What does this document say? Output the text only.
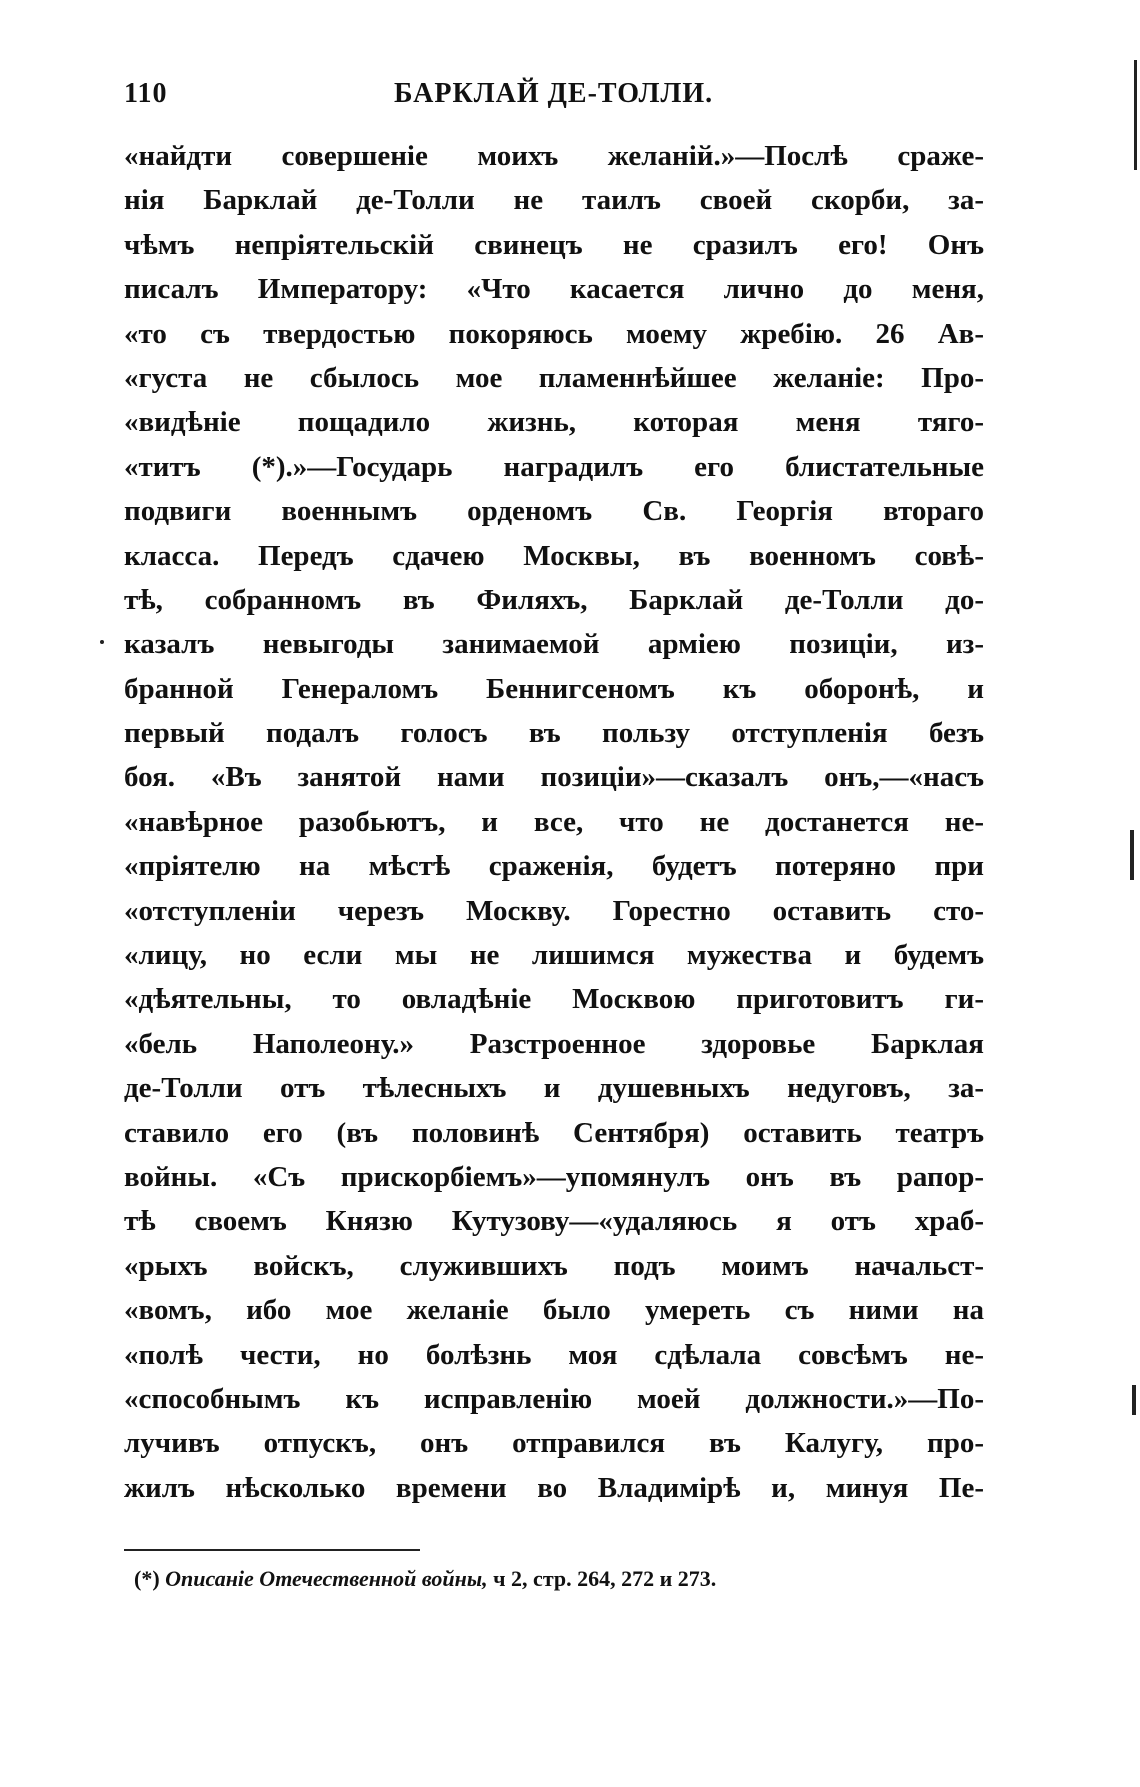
110	БАРКЛАЙ ДЕ-ТОЛЛИ.
«найдти совершеніе моихъ желаній.»—Послѣ сраже-
нія Барклай де-Толли не таилъ своей скорби, за-
чѣмъ непріятельскій свинецъ не сразилъ его! Онъ
писалъ Императору: «Что касается лично до меня,
«то съ твердостью покоряюсь моему жребію. 26 Ав-
«густа не сбылось мое пламеннѣйшее желаніе: Про-
«видѣніе пощадило жизнь, которая меня тяго-
«титъ (*).»—Государь наградилъ его блистательные
подвиги военнымъ орденомъ Св. Георгія втораго
класса. Передъ сдачею Москвы, въ военномъ совѣ-
тѣ, собранномъ въ Филяхъ, Барклай де-Толли до-
казалъ невыгоды занимаемой арміею позиціи, из-
бранной Генераломъ Беннигсеномъ къ оборонѣ, и
первый подалъ голосъ въ пользу отступленія безъ
боя. «Въ занятой нами позиціи»—сказалъ онъ,—«насъ
«навѣрное разобьютъ, и все, что не достанется не-
«пріятелю на мѣстѣ сраженія, будетъ потеряно при
«отступленіи черезъ Москву. Горестно оставить сто-
«лицу, но если мы не лишимся мужества и будемъ
«дѣятельны, то овладѣніе Москвою приготовитъ ги-
«бель Наполеону.» Разстроенное здоровье Барклая
де-Толли отъ тѣлесныхъ и душевныхъ недуговъ, за-
ставило его (въ половинѣ Сентября) оставить театръ
войны. «Съ прискорбіемъ»—упомянулъ онъ въ рапор-
тѣ своемъ Князю Кутузову—«удаляюсь я отъ храб-
«рыхъ войскъ, служившихъ подъ моимъ начальст-
«вомъ, ибо мое желаніе было умереть съ ними на
«полѣ чести, но болѣзнь моя сдѣлала совсѣмъ не-
«способнымъ къ исправленію моей должности.»—По-
лучивъ отпускъ, онъ отправился въ Калугу, про-
жилъ нѣсколько времени во Владимірѣ и, минуя Пе-
(*) Описаніе Отечественной войны, ч 2, стр. 264, 272 и 273.
